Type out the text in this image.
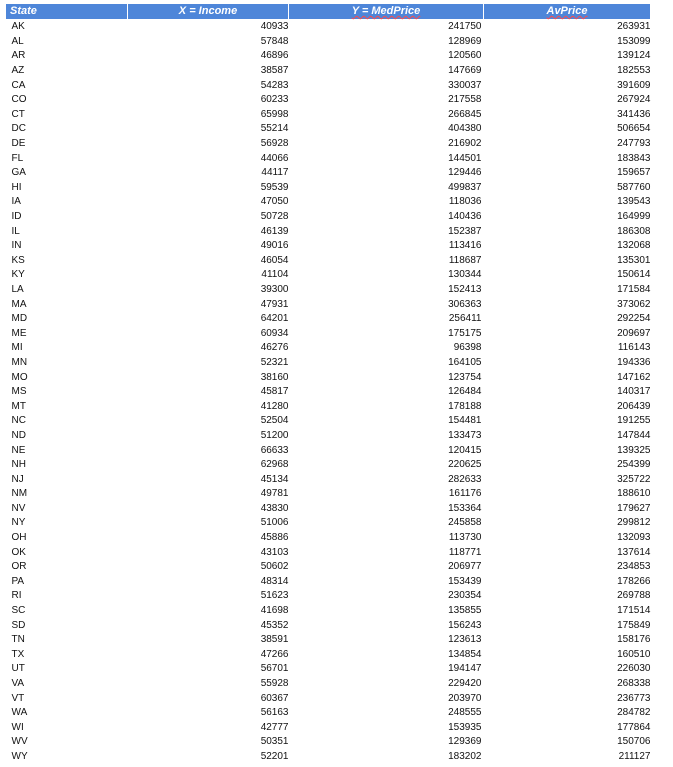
State	X = Income	Y = MedPrice	AvPrice
AK	40933	241750	263931
AL	57848	128969	153099
AR	46896	120560	139124
AZ	38587	147669	182553
CA	54283	330037	391609
CO	60233	217558	267924
CT	65998	266845	341436
DC	55214	404380	506654
DE	56928	216902	247793
FL	44066	144501	183843
GA	44117	129446	159657
HI	59539	499837	587760
IA	47050	118036	139543
ID	50728	140436	164999
IL	46139	152387	186308
IN	49016	113416	132068
KS	46054	118687	135301
KY	41104	130344	150614
LA	39300	152413	171584
MA	47931	306363	373062
MD	64201	256411	292254
ME	60934	175175	209697
MI	46276	96398	116143
MN	52321	164105	194336
MO	38160	123754	147162
MS	45817	126484	140317
MT	41280	178188	206439
NC	52504	154481	191255
ND	51200	133473	147844
NE	66633	120415	139325
NH	62968	220625	254399
NJ	45134	282633	325722
NM	49781	161176	188610
NV	43830	153364	179627
NY	51006	245858	299812
OH	45886	113730	132093
OK	43103	118771	137614
OR	50602	206977	234853
PA	48314	153439	178266
RI	51623	230354	269788
SC	41698	135855	171514
SD	45352	156243	175849
TN	38591	123613	158176
TX	47266	134854	160510
UT	56701	194147	226030
VA	55928	229420	268338
VT	60367	203970	236773
WA	56163	248555	284782
WI	42777	153935	177864
WV	50351	129369	150706
WY	52201	183202	211127
